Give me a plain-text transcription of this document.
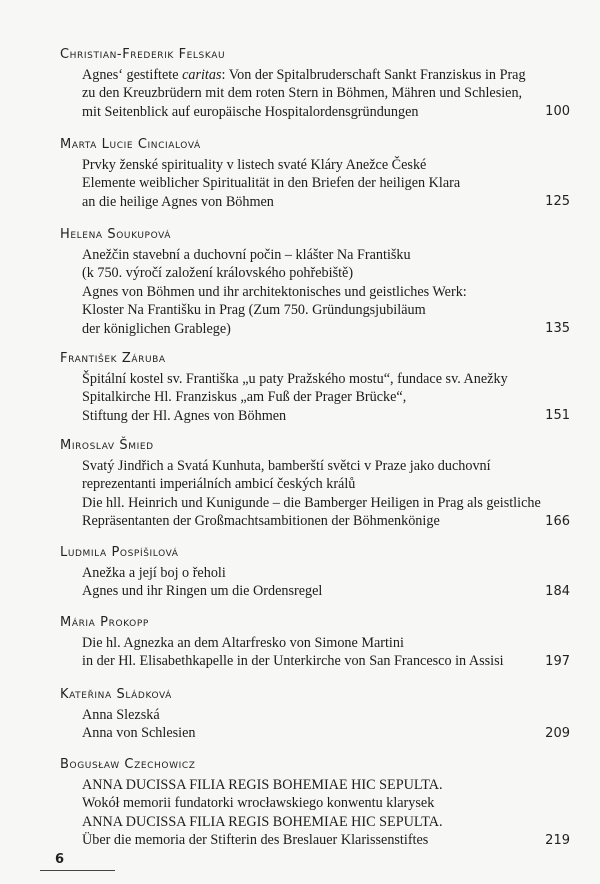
Christian-Frederik Felskau
Agnes‘ gestiftete caritas: Von der Spitalbruderschaft Sankt Franziskus in Prag
zu den Kreuzbrüdern mit dem roten Stern in Böhmen, Mähren und Schlesien,
mit Seitenblick auf europäische Hospitalordensgründungen	100
Marta Lucie Cincialová
Prvky ženské spirituality v listech svaté Kláry Anežce České
Elemente weiblicher Spiritualität in den Briefen der heiligen Klara
an die heilige Agnes von Böhmen	125
Helena Soukupová
Anežčin stavební a duchovní počin – klášter Na Františku
(k 750. výročí založení královského pohřebiště)
Agnes von Böhmen und ihr architektonisches und geistliches Werk:
Kloster Na Františku in Prag (Zum 750. Gründungsjubiläum
der königlichen Grablege)	135
František Záruba
Špitální kostel sv. Františka „u paty Pražského mostu“, fundace sv. Anežky
Spitalkirche Hl. Franziskus „am Fuß der Prager Brücke“,
Stiftung der Hl. Agnes von Böhmen	151
Miroslav Šmied
Svatý Jindřich a Svatá Kunhuta, bamberští světci v Praze jako duchovní
reprezentanti imperiálních ambicí českých králů
Die hll. Heinrich und Kunigunde – die Bamberger Heiligen in Prag als geistliche
Repräsentanten der Großmachtsambitionen der Böhmenkönige	166
Ludmila Pospíšilová
Anežka a její boj o řeholi
Agnes und ihr Ringen um die Ordensregel	184
Mária Prokopp
Die hl. Agnezka an dem Altarfresko von Simone Martini
in der Hl. Elisabethkapelle in der Unterkirche von San Francesco in Assisi	197
Kateřina Sládková
Anna Slezská
Anna von Schlesien	209
Bogusław Czechowicz
ANNA DUCISSA FILIA REGIS BOHEMIAE HIC SEPULTA.
Wokół memorii fundatorki wrocławskiego konwentu klarysek
ANNA DUCISSA FILIA REGIS BOHEMIAE HIC SEPULTA.
Über die memoria der Stifterin des Breslauer Klarissenstiftes	219
6
